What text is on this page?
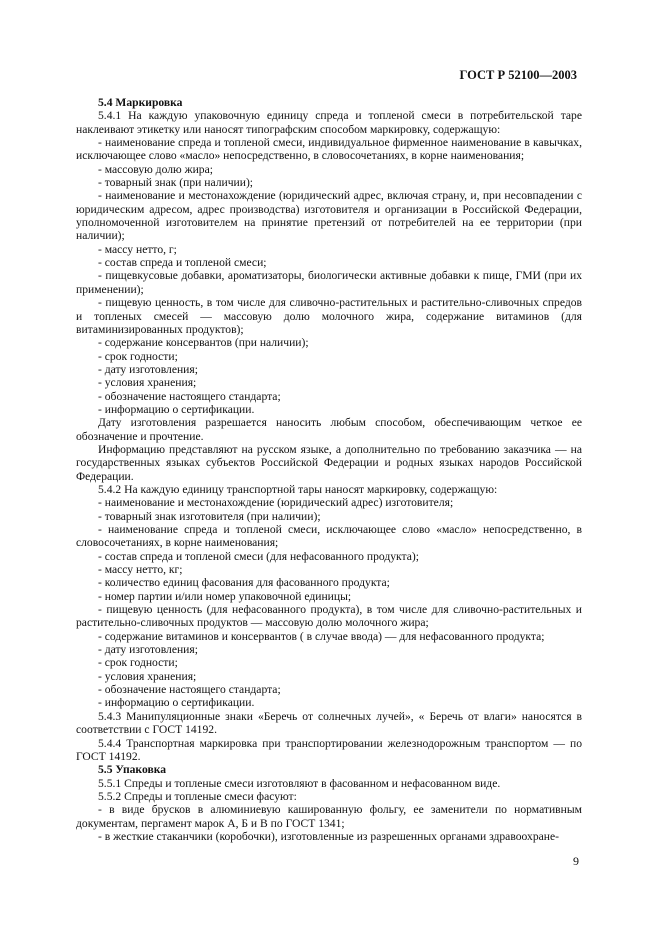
ГОСТ Р 52100—2003

5.4 Маркировка

5.4.1 На каждую упаковочную единицу спреда и топленой смеси в потребительской таре наклеивают этикетку или наносят типографским способом маркировку, содержащую:

- наименование спреда и топленой смеси, индивидуальное фирменное наименование в кавычках, исключающее слово «масло» непосредственно, в словосочетаниях, в корне наименования;

- массовую долю жира;

- товарный знак (при наличии);

- наименование и местонахождение (юридический адрес, включая страну, и, при несовпадении с юридическим адресом, адрес производства) изготовителя и организации в Российской Федерации, уполномоченной изготовителем на принятие претензий от потребителей на ее территории (при наличии);

- массу нетто, г;

- состав спреда и топленой смеси;

- пищевкусовые добавки, ароматизаторы, биологически активные добавки к пище, ГМИ (при их применении);

- пищевую ценность, в том числе для сливочно-растительных и растительно-сливочных спредов и топленых смесей — массовую долю молочного жира, содержание витаминов (для витаминизированных продуктов);

- содержание консервантов (при наличии);

- срок годности;

- дату изготовления;

- условия хранения;

- обозначение настоящего стандарта;

- информацию о сертификации.

Дату изготовления разрешается наносить любым способом, обеспечивающим четкое ее обозначение и прочтение.

Информацию представляют на русском языке, а дополнительно по требованию заказчика — на государственных языках субъектов Российской Федерации и родных языках народов Российской Федерации.

5.4.2 На каждую единицу транспортной тары наносят маркировку, содержащую:

- наименование и местонахождение (юридический адрес) изготовителя;

- товарный знак изготовителя (при наличии);

- наименование спреда и топленой смеси, исключающее слово «масло» непосредственно, в словосочетаниях, в корне наименования;

- состав спреда и топленой смеси (для нефасованного продукта);

- массу нетто, кг;

- количество единиц фасования для фасованного продукта;

- номер партии и/или номер упаковочной единицы;

- пищевую ценность (для нефасованного продукта), в том числе для сливочно-растительных и растительно-сливочных продуктов — массовую долю молочного жира;

- содержание витаминов и консервантов ( в случае ввода) — для нефасованного продукта;

- дату изготовления;

- срок годности;

- условия хранения;

- обозначение настоящего стандарта;

- информацию о сертификации.

5.4.3 Манипуляционные знаки «Беречь от солнечных лучей», « Беречь от влаги» наносятся в соответствии с ГОСТ 14192.

5.4.4 Транспортная маркировка при транспортировании железнодорожным транспортом — по ГОСТ 14192.

5.5 Упаковка

5.5.1 Спреды и топленые смеси изготовляют в фасованном и нефасованном виде.

5.5.2 Спреды и топленые смеси фасуют:

- в виде брусков в алюминиевую кашированную фольгу, ее заменители по нормативным документам, пергамент марок А, Б и В по ГОСТ 1341;

- в жесткие стаканчики (коробочки), изготовленные из разрешенных органами здравоохране-

9
